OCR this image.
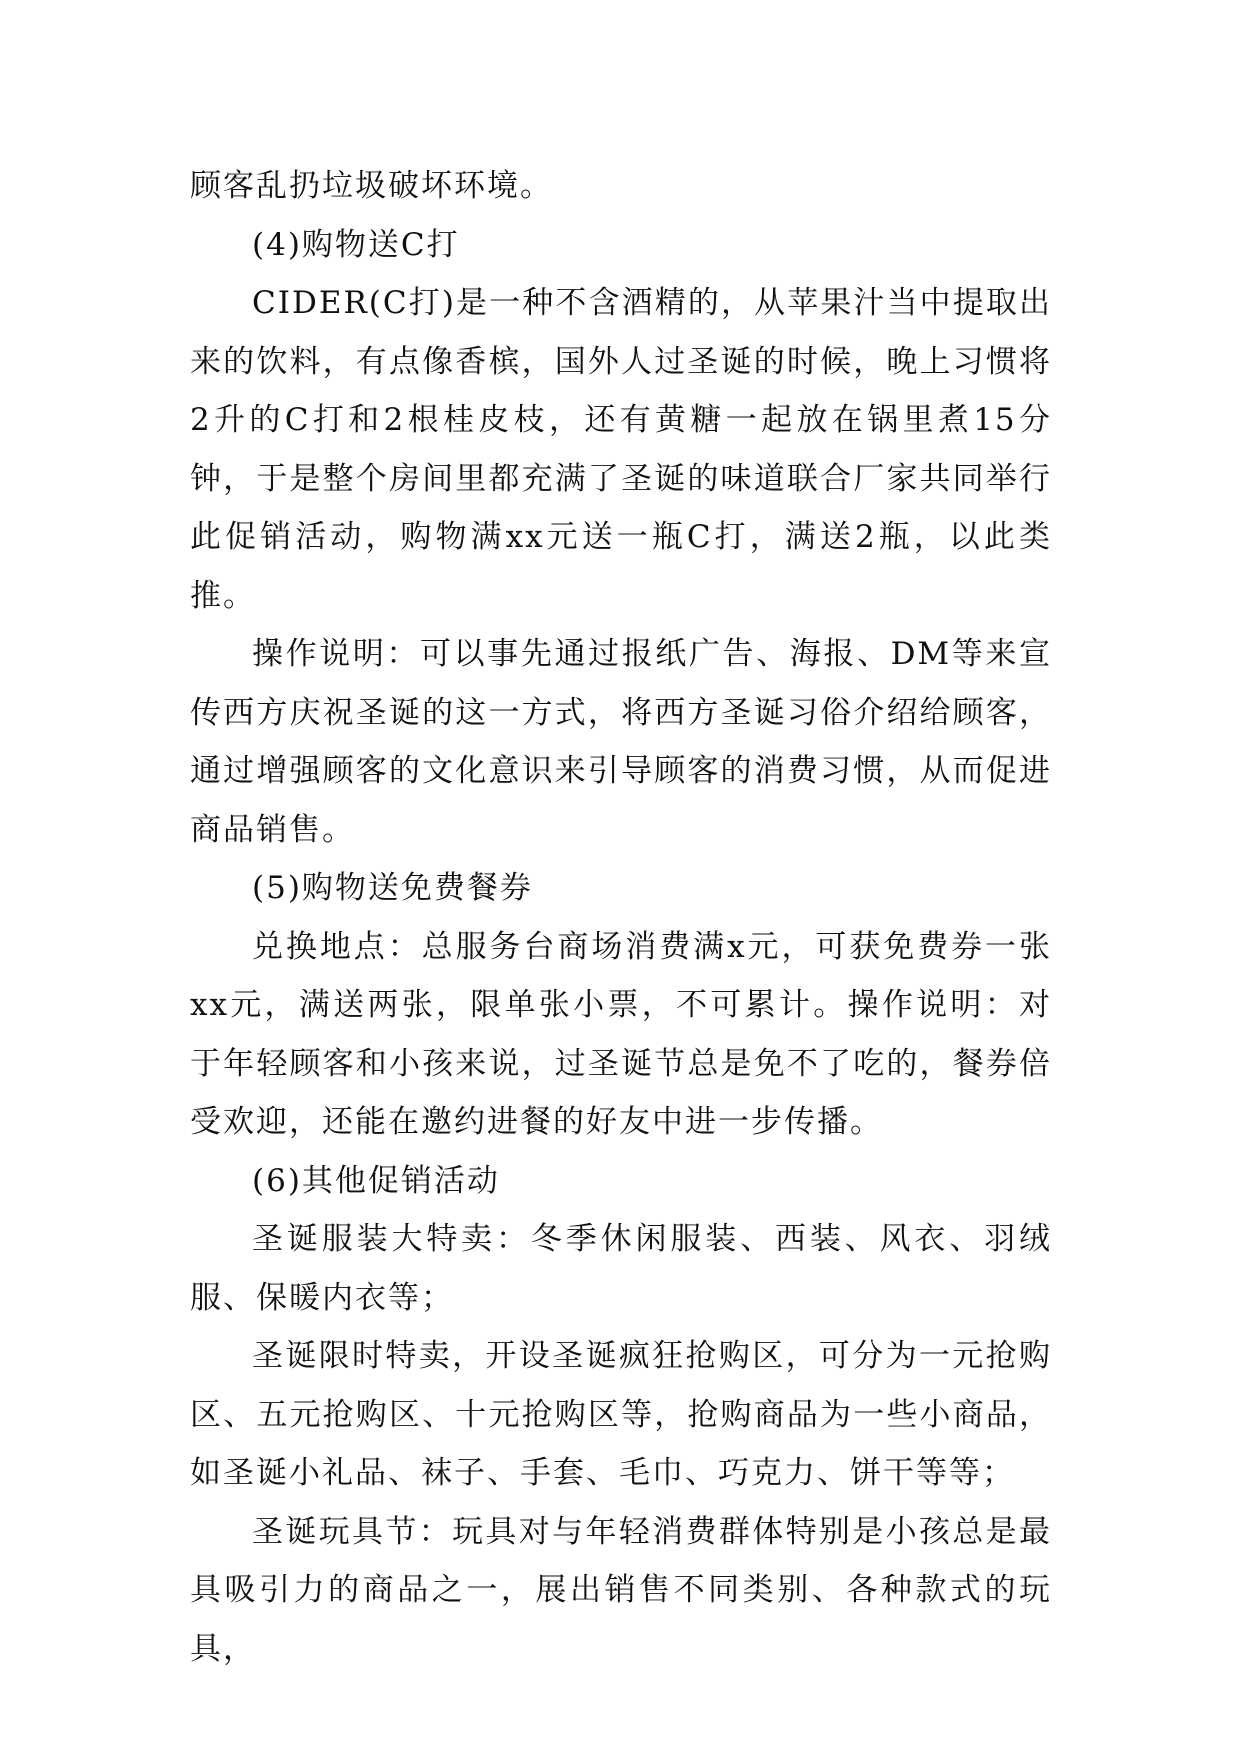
顾客乱扔垃圾破坏环境。

(4)购物送C打

CIDER(C打)是一种不含酒精的，从苹果汁当中提取出来的饮料，有点像香槟，国外人过圣诞的时候，晚上习惯将2升的C打和2根桂皮枝，还有黄糖一起放在锅里煮15分钟，于是整个房间里都充满了圣诞的味道联合厂家共同举行此促销活动，购物满xx元送一瓶C打，满送2瓶，以此类推。

操作说明：可以事先通过报纸广告、海报、DM等来宣传西方庆祝圣诞的这一方式，将西方圣诞习俗介绍给顾客，通过增强顾客的文化意识来引导顾客的消费习惯，从而促进商品销售。

(5)购物送免费餐券

兑换地点：总服务台商场消费满x元，可获免费券一张xx元，满送两张，限单张小票，不可累计。操作说明：对于年轻顾客和小孩来说，过圣诞节总是免不了吃的，餐券倍受欢迎，还能在邀约进餐的好友中进一步传播。

(6)其他促销活动

圣诞服装大特卖：冬季休闲服装、西装、风衣、羽绒服、保暖内衣等；

圣诞限时特卖，开设圣诞疯狂抢购区，可分为一元抢购区、五元抢购区、十元抢购区等，抢购商品为一些小商品，如圣诞小礼品、袜子、手套、毛巾、巧克力、饼干等等；

圣诞玩具节：玩具对与年轻消费群体特别是小孩总是最具吸引力的商品之一，展出销售不同类别、各种款式的玩具，
